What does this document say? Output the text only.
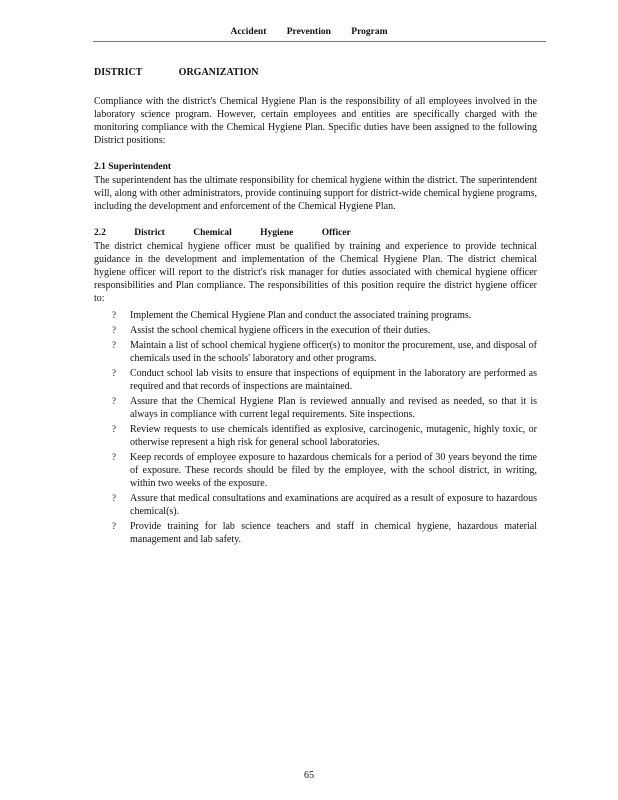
Accident Prevention Program
DISTRICT ORGANIZATION

Compliance with the district's Chemical Hygiene Plan is the responsibility of all employees involved in the laboratory science program. However, certain employees and entities are specifically charged with the monitoring compliance with the Chemical Hygiene Plan. Specific duties have been assigned to the following District positions:

2.1 Superintendent

The superintendent has the ultimate responsibility for chemical hygiene within the district. The superintendent will, along with other administrators, provide continuing support for district-wide chemical hygiene programs, including the development and enforcement of the Chemical Hygiene Plan.

2.2 District Chemical Hygiene Officer

The district chemical hygiene officer must be qualified by training and experience to provide technical guidance in the development and implementation of the Chemical Hygiene Plan. The district chemical hygiene officer will report to the district's risk manager for duties associated with chemical hygiene officer responsibilities and Plan compliance. The responsibilities of this position require the district hygiene officer to:

? Implement the Chemical Hygiene Plan and conduct the associated training programs.
? Assist the school chemical hygiene officers in the execution of their duties.
? Maintain a list of school chemical hygiene officer(s) to monitor the procurement, use, and disposal of chemicals used in the schools' laboratory and other programs.
? Conduct school lab visits to ensure that inspections of equipment in the laboratory are performed as required and that records of inspections are maintained.
? Assure that the Chemical Hygiene Plan is reviewed annually and revised as needed, so that it is always in compliance with current legal requirements. Site inspections.
? Review requests to use chemicals identified as explosive, carcinogenic, mutagenic, highly toxic, or otherwise represent a high risk for general school laboratories.
? Keep records of employee exposure to hazardous chemicals for a period of 30 years beyond the time of exposure. These records should be filed by the employee, with the school district, in writing, within two weeks of the exposure.
? Assure that medical consultations and examinations are acquired as a result of exposure to hazardous chemical(s).
? Provide training for lab science teachers and staff in chemical hygiene, hazardous material management and lab safety.
65
